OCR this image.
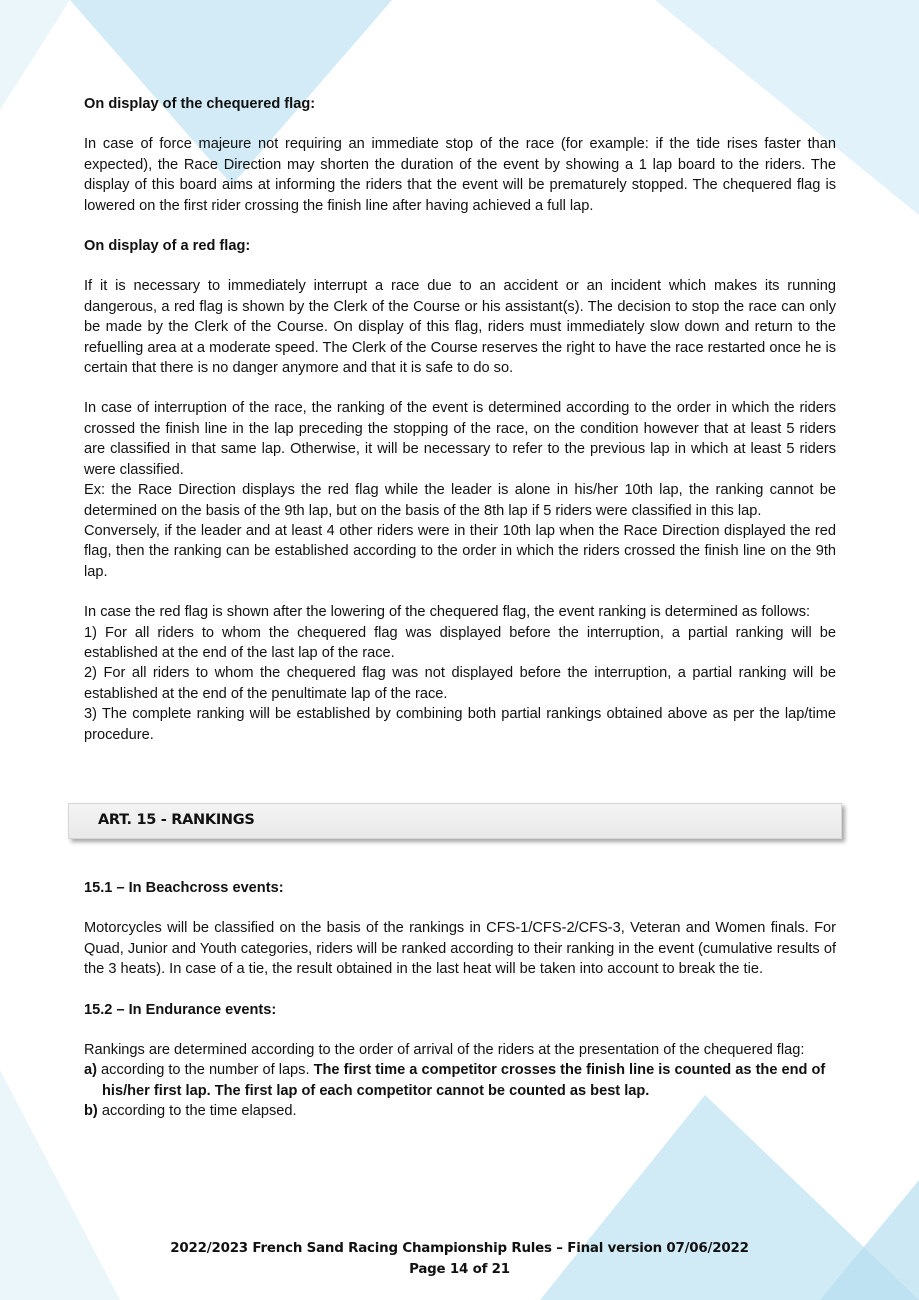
On display of the chequered flag:

In case of force majeure not requiring an immediate stop of the race (for example: if the tide rises faster than expected), the Race Direction may shorten the duration of the event by showing a 1 lap board to the riders. The display of this board aims at informing the riders that the event will be prematurely stopped. The chequered flag is lowered on the first rider crossing the finish line after having achieved a full lap.

On display of a red flag:

If it is necessary to immediately interrupt a race due to an accident or an incident which makes its running dangerous, a red flag is shown by the Clerk of the Course or his assistant(s). The decision to stop the race can only be made by the Clerk of the Course. On display of this flag, riders must immediately slow down and return to the refuelling area at a moderate speed. The Clerk of the Course reserves the right to have the race restarted once he is certain that there is no danger anymore and that it is safe to do so.

In case of interruption of the race, the ranking of the event is determined according to the order in which the riders crossed the finish line in the lap preceding the stopping of the race, on the condition however that at least 5 riders are classified in that same lap. Otherwise, it will be necessary to refer to the previous lap in which at least 5 riders were classified.

Ex: the Race Direction displays the red flag while the leader is alone in his/her 10th lap, the ranking cannot be determined on the basis of the 9th lap, but on the basis of the 8th lap if 5 riders were classified in this lap.

Conversely, if the leader and at least 4 other riders were in their 10th lap when the Race Direction displayed the red flag, then the ranking can be established according to the order in which the riders crossed the finish line on the 9th lap.

In case the red flag is shown after the lowering of the chequered flag, the event ranking is determined as follows:

1) For all riders to whom the chequered flag was displayed before the interruption, a partial ranking will be established at the end of the last lap of the race.

2) For all riders to whom the chequered flag was not displayed before the interruption, a partial ranking will be established at the end of the penultimate lap of the race.

3) The complete ranking will be established by combining both partial rankings obtained above as per the lap/time procedure.

ART. 15 - RANKINGS

15.1 – In Beachcross events:

Motorcycles will be classified on the basis of the rankings in CFS-1/CFS-2/CFS-3, Veteran and Women finals. For Quad, Junior and Youth categories, riders will be ranked according to their ranking in the event (cumulative results of the 3 heats). In case of a tie, the result obtained in the last heat will be taken into account to break the tie.

15.2 – In Endurance events:

Rankings are determined according to the order of arrival of the riders at the presentation of the chequered flag:

a) according to the number of laps. The first time a competitor crosses the finish line is counted as the end of his/her first lap. The first lap of each competitor cannot be counted as best lap.

b) according to the time elapsed.

2022/2023 French Sand Racing Championship Rules – Final version 07/06/2022
Page 14 of 21
